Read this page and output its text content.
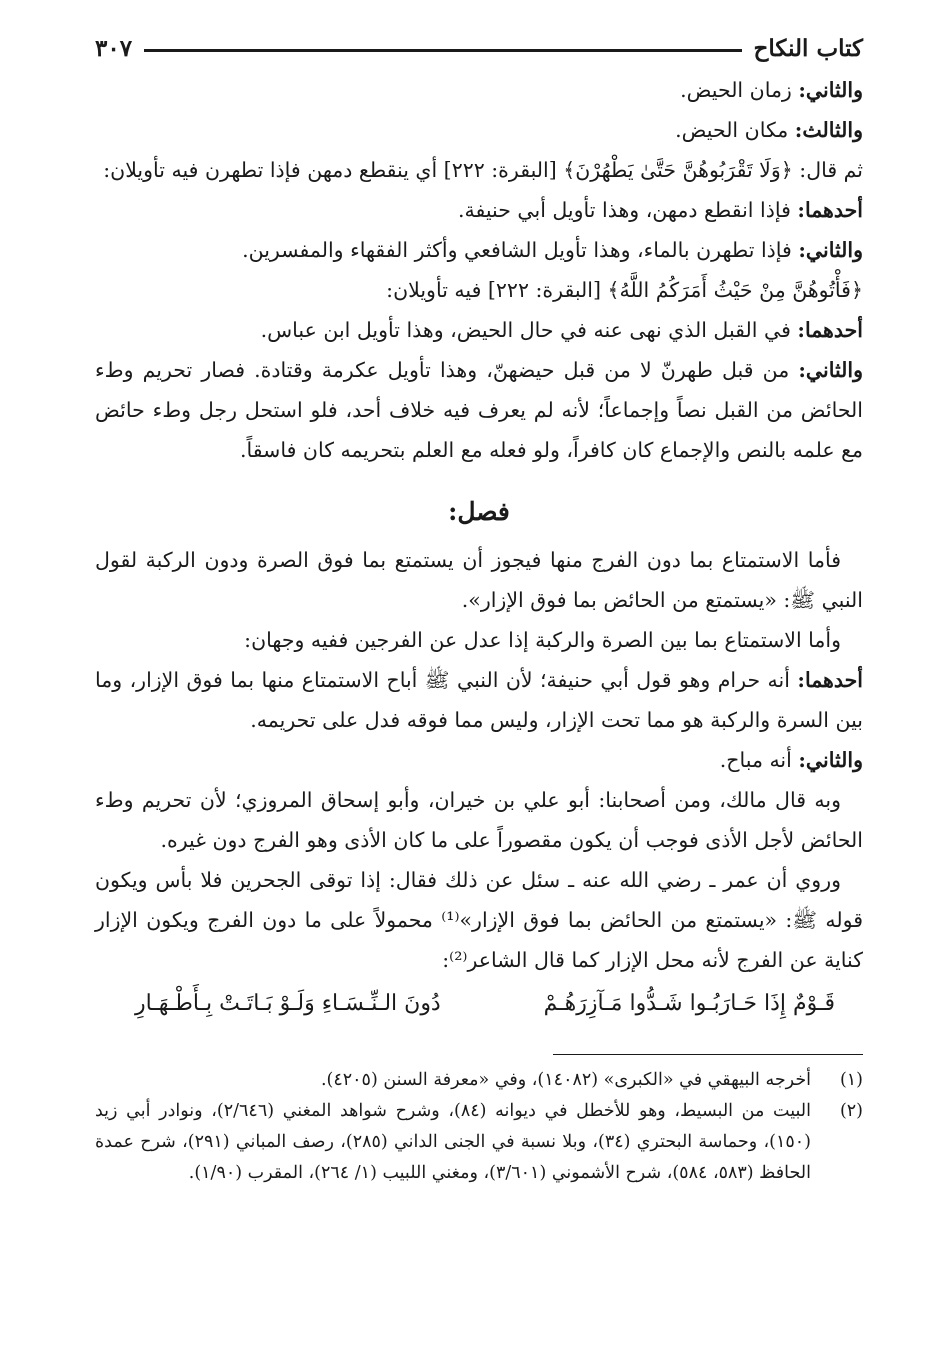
كتاب النكاح
٣٠٧
والثاني: زمان الحيض.
والثالث: مكان الحيض.
ثم قال: ﴿وَلَا تَقْرَبُوهُنَّ حَتَّىٰ يَطْهُرْنَ﴾ [البقرة: ٢٢٢] أي ينقطع دمهن فإذا تطهرن فيه تأويلان:
أحدهما: فإذا انقطع دمهن، وهذا تأويل أبي حنيفة.
والثاني: فإذا تطهرن بالماء، وهذا تأويل الشافعي وأكثر الفقهاء والمفسرين.
﴿فَأْتُوهُنَّ مِنْ حَيْثُ أَمَرَكُمُ اللَّهُ﴾ [البقرة: ٢٢٢] فيه تأويلان:
أحدهما: في القبل الذي نهى عنه في حال الحيض، وهذا تأويل ابن عباس.
والثاني: من قبل طهرنّ لا من قبل حيضهنّ، وهذا تأويل عكرمة وقتادة. فصار تحريم وطء الحائض من القبل نصاً وإجماعاً؛ لأنه لم يعرف فيه خلاف أحد، فلو استحل رجل وطء حائض مع علمه بالنص والإجماع كان كافراً، ولو فعله مع العلم بتحريمه كان فاسقاً.
فصل:
فأما الاستمتاع بما دون الفرج منها فيجوز أن يستمتع بما فوق الصرة ودون الركبة لقول النبي ﷺ: «يستمتع من الحائض بما فوق الإزار».
وأما الاستمتاع بما بين الصرة والركبة إذا عدل عن الفرجين ففيه وجهان:
أحدهما: أنه حرام وهو قول أبي حنيفة؛ لأن النبي ﷺ أباح الاستمتاع منها بما فوق الإزار، وما بين السرة والركبة هو مما تحت الإزار، وليس مما فوقه فدل على تحريمه.
والثاني: أنه مباح.
وبه قال مالك، ومن أصحابنا: أبو علي بن خيران، وأبو إسحاق المروزي؛ لأن تحريم وطء الحائض لأجل الأذى فوجب أن يكون مقصوراً على ما كان الأذى وهو الفرج دون غيره.
وروي أن عمر ـ رضي الله عنه ـ سئل عن ذلك فقال: إذا توقى الجحرين فلا بأس ويكون قوله ﷺ: «يستمتع من الحائض بما فوق الإزار»⁽¹⁾ محمولاً على ما دون الفرج ويكون الإزار كناية عن الفرج لأنه محل الإزار كما قال الشاعر⁽²⁾:
قَـوْمٌ إِذَا حَـارَبُـوا شَـدُّوا مَـآزِرَهُـمْ
دُونَ الـنِّـسَـاءِ وَلَـوْ بَـاتَـتْ بِـأَطْـهَـارِ
(١)
أخرجه البيهقي في «الكبرى» (١٤٠٨٢)، وفي «معرفة السنن (٤٢٠٥).
(٢)
البيت من البسيط، وهو للأخطل في ديوانه (٨٤)، وشرح شواهد المغني (٢/٦٤٦)، ونوادر أبي زيد (١٥٠)، وحماسة البحتري (٣٤)، وبلا نسبة في الجنى الداني (٢٨٥)، رصف المباني (٢٩١)، شرح عمدة الحافظ (٥٨٣، ٥٨٤)، شرح الأشموني (٣/٦٠١)، ومغني اللبيب (١/ ٢٦٤)، المقرب (١/٩٠).
